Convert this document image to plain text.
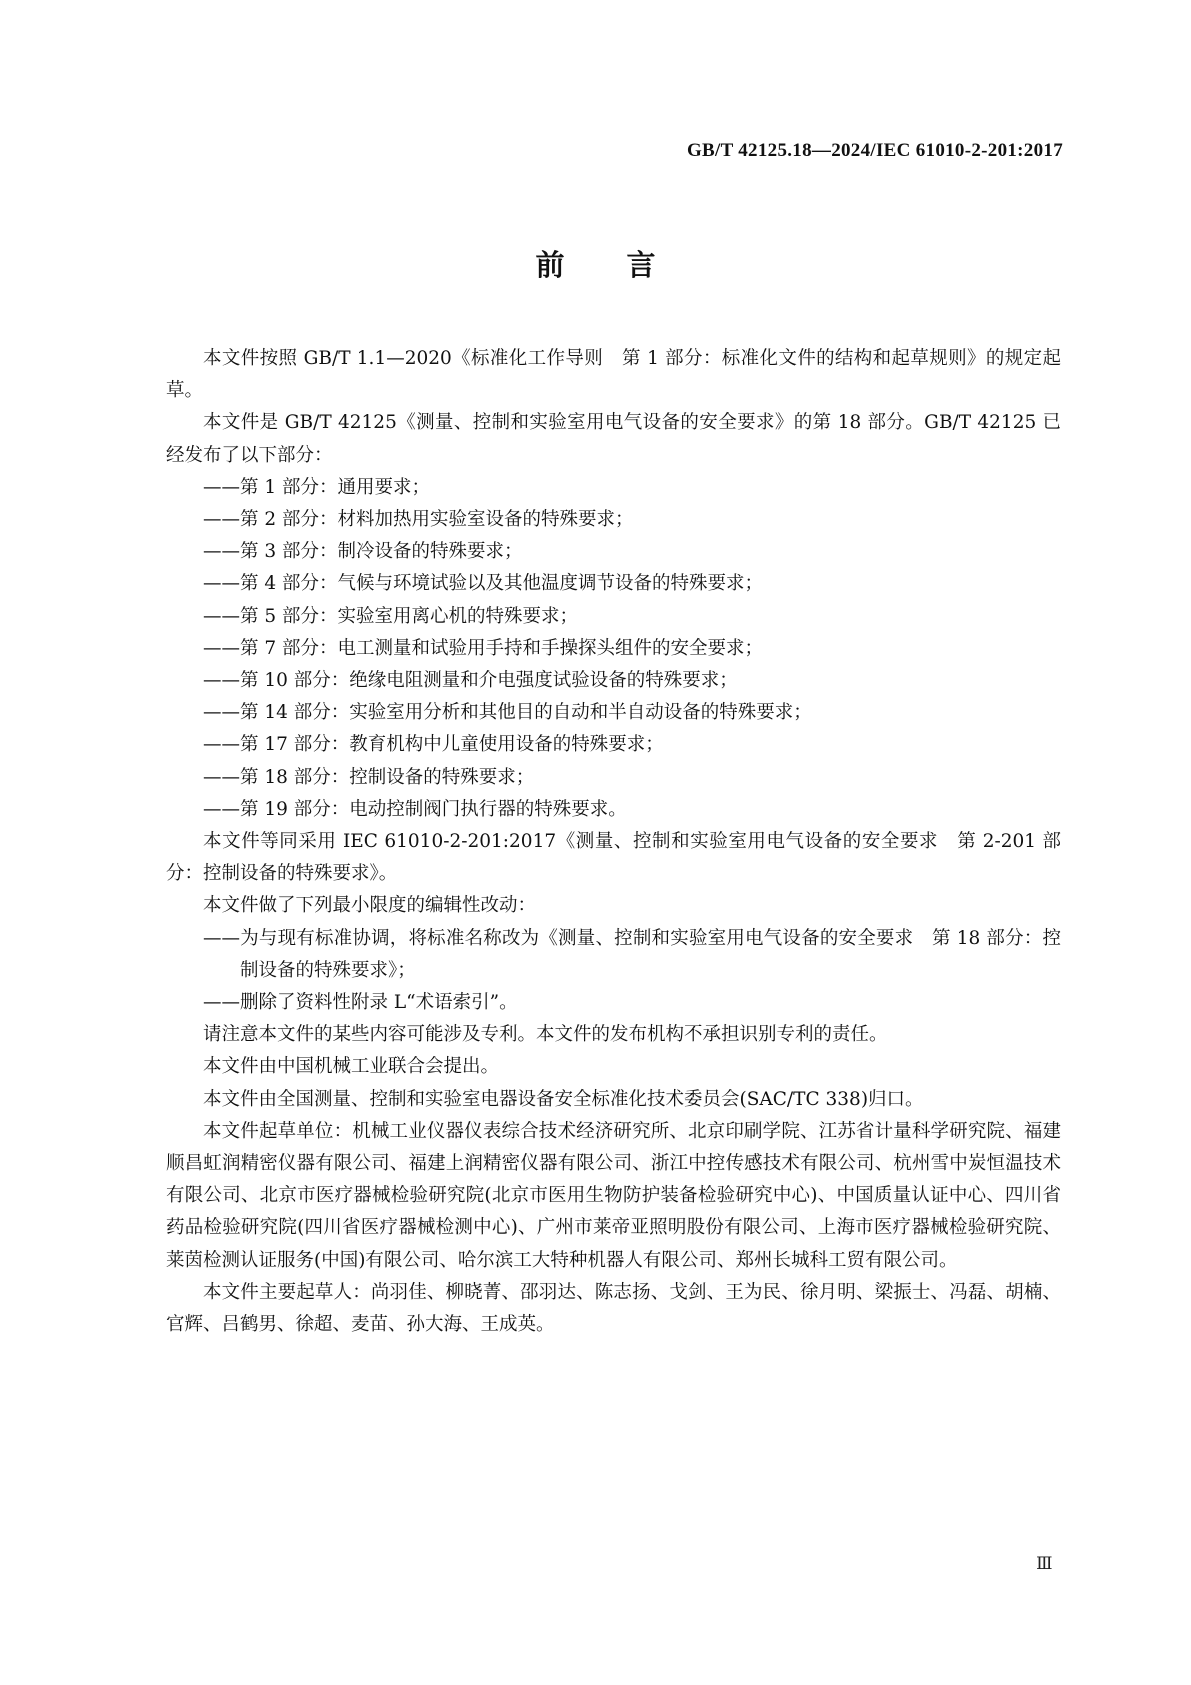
GB/T 42125.18—2024/IEC 61010-2-201:2017
前言

本文件按照 GB/T 1.1—2020《标准化工作导则　第 1 部分：标准化文件的结构和起草规则》的规定起草。

本文件是 GB/T 42125《测量、控制和实验室用电气设备的安全要求》的第 18 部分。GB/T 42125 已经发布了以下部分：

——第 1 部分：通用要求；

——第 2 部分：材料加热用实验室设备的特殊要求；

——第 3 部分：制冷设备的特殊要求；

——第 4 部分：气候与环境试验以及其他温度调节设备的特殊要求；

——第 5 部分：实验室用离心机的特殊要求；

——第 7 部分：电工测量和试验用手持和手操探头组件的安全要求；

——第 10 部分：绝缘电阻测量和介电强度试验设备的特殊要求；

——第 14 部分：实验室用分析和其他目的自动和半自动设备的特殊要求；

——第 17 部分：教育机构中儿童使用设备的特殊要求；

——第 18 部分：控制设备的特殊要求；

——第 19 部分：电动控制阀门执行器的特殊要求。

本文件等同采用 IEC 61010-2-201:2017《测量、控制和实验室用电气设备的安全要求　第 2-201 部分：控制设备的特殊要求》。

本文件做了下列最小限度的编辑性改动：

——为与现有标准协调，将标准名称改为《测量、控制和实验室用电气设备的安全要求　第 18 部分：控制设备的特殊要求》；

——删除了资料性附录 L“术语索引”。

请注意本文件的某些内容可能涉及专利。本文件的发布机构不承担识别专利的责任。

本文件由中国机械工业联合会提出。

本文件由全国测量、控制和实验室电器设备安全标准化技术委员会(SAC/TC 338)归口。

本文件起草单位：机械工业仪器仪表综合技术经济研究所、北京印刷学院、江苏省计量科学研究院、福建顺昌虹润精密仪器有限公司、福建上润精密仪器有限公司、浙江中控传感技术有限公司、杭州雪中炭恒温技术有限公司、北京市医疗器械检验研究院(北京市医用生物防护装备检验研究中心)、中国质量认证中心、四川省药品检验研究院(四川省医疗器械检测中心)、广州市莱帝亚照明股份有限公司、上海市医疗器械检验研究院、莱茵检测认证服务(中国)有限公司、哈尔滨工大特种机器人有限公司、郑州长城科工贸有限公司。

本文件主要起草人：尚羽佳、柳晓菁、邵羽达、陈志扬、戈剑、王为民、徐月明、梁振士、冯磊、胡楠、官辉、吕鹤男、徐超、麦苗、孙大海、王成英。

Ⅲ
